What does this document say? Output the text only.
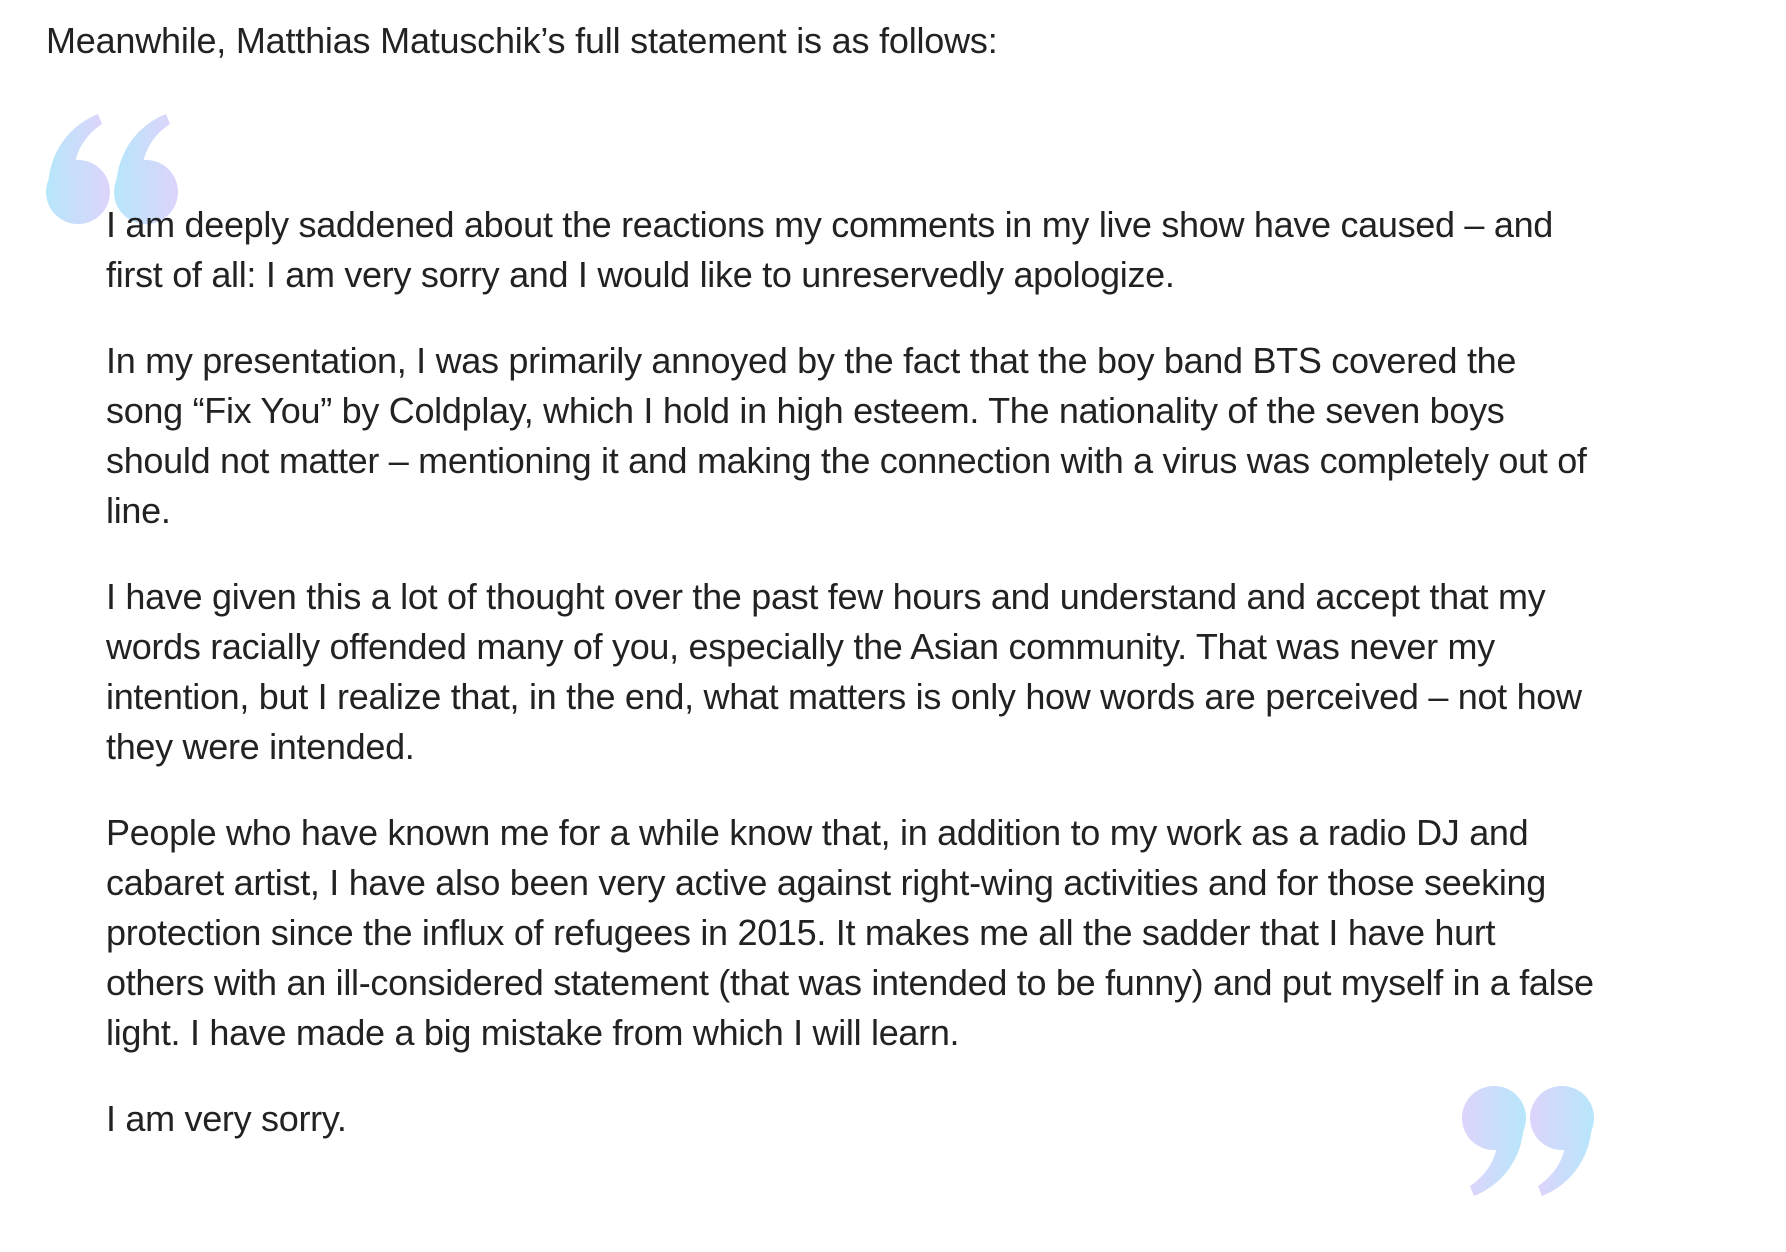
Meanwhile, Matthias Matuschik’s full statement is as follows:

I am deeply saddened about the reactions my comments in my live show have caused – and first of all: I am very sorry and I would like to unreservedly apologize.

In my presentation, I was primarily annoyed by the fact that the boy band BTS covered the song “Fix You” by Coldplay, which I hold in high esteem. The nationality of the seven boys should not matter – mentioning it and making the connection with a virus was completely out of line.

I have given this a lot of thought over the past few hours and understand and accept that my words racially offended many of you, especially the Asian community. That was never my intention, but I realize that, in the end, what matters is only how words are perceived – not how they were intended.

People who have known me for a while know that, in addition to my work as a radio DJ and cabaret artist, I have also been very active against right-wing activities and for those seeking protection since the influx of refugees in 2015. It makes me all the sadder that I have hurt others with an ill-considered statement (that was intended to be funny) and put myself in a false light. I have made a big mistake from which I will learn.

I am very sorry.
